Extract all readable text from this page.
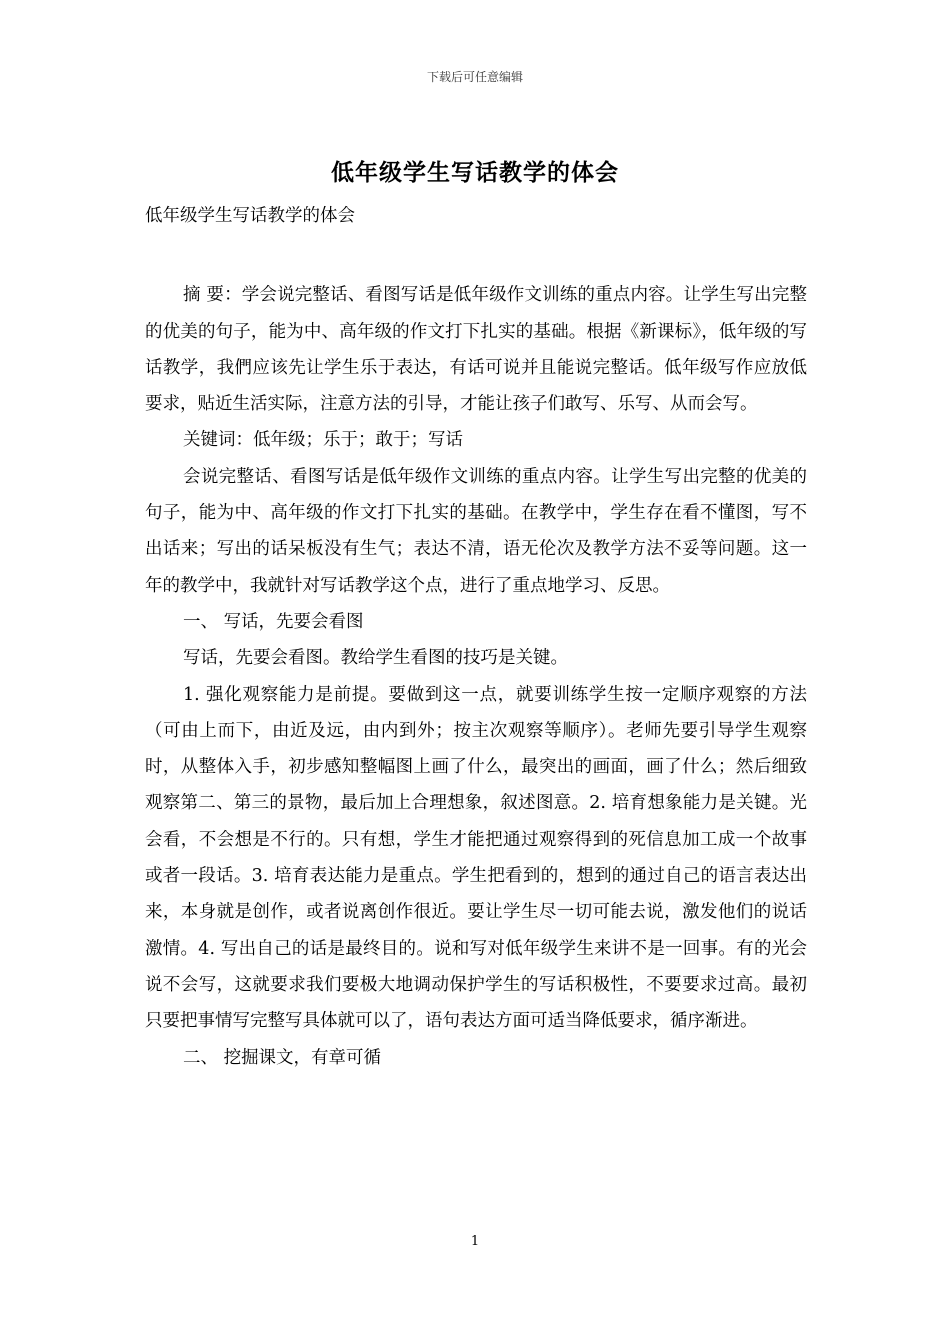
下载后可任意编辑
低年级学生写话教学的体会

低年级学生写话教学的体会

摘 要：学会说完整话、看图写话是低年级作文训练的重点内容。让学生写出完整的优美的句子，能为中、高年级的作文打下扎实的基础。根据《新课标》，低年级的写话教学，我們应该先让学生乐于表达，有话可说并且能说完整话。低年级写作应放低要求，贴近生活实际，注意方法的引导，才能让孩子们敢写、乐写、从而会写。

关键词：低年级；乐于；敢于；写话

会说完整话、看图写话是低年级作文训练的重点内容。让学生写出完整的优美的句子，能为中、高年级的作文打下扎实的基础。在教学中，学生存在看不懂图，写不出话来；写出的话呆板没有生气；表达不清，语无伦次及教学方法不妥等问题。这一年的教学中，我就针对写话教学这个点，进行了重点地学习、反思。

一、 写话，先要会看图

写话，先要会看图。教给学生看图的技巧是关键。

1. 强化观察能力是前提。要做到这一点，就要训练学生按一定顺序观察的方法（可由上而下，由近及远，由内到外；按主次观察等顺序）。老师先要引导学生观察时，从整体入手，初步感知整幅图上画了什么，最突出的画面，画了什么；然后细致观察第二、第三的景物，最后加上合理想象，叙述图意。2. 培育想象能力是关键。光会看，不会想是不行的。只有想，学生才能把通过观察得到的死信息加工成一个故事或者一段话。3. 培育表达能力是重点。学生把看到的，想到的通过自己的语言表达出来，本身就是创作，或者说离创作很近。要让学生尽一切可能去说，激发他们的说话激情。4. 写出自己的话是最终目的。说和写对低年级学生来讲不是一回事。有的光会说不会写，这就要求我们要极大地调动保护学生的写话积极性，不要要求过高。最初只要把事情写完整写具体就可以了，语句表达方面可适当降低要求，循序渐进。

二、 挖掘课文，有章可循

1
